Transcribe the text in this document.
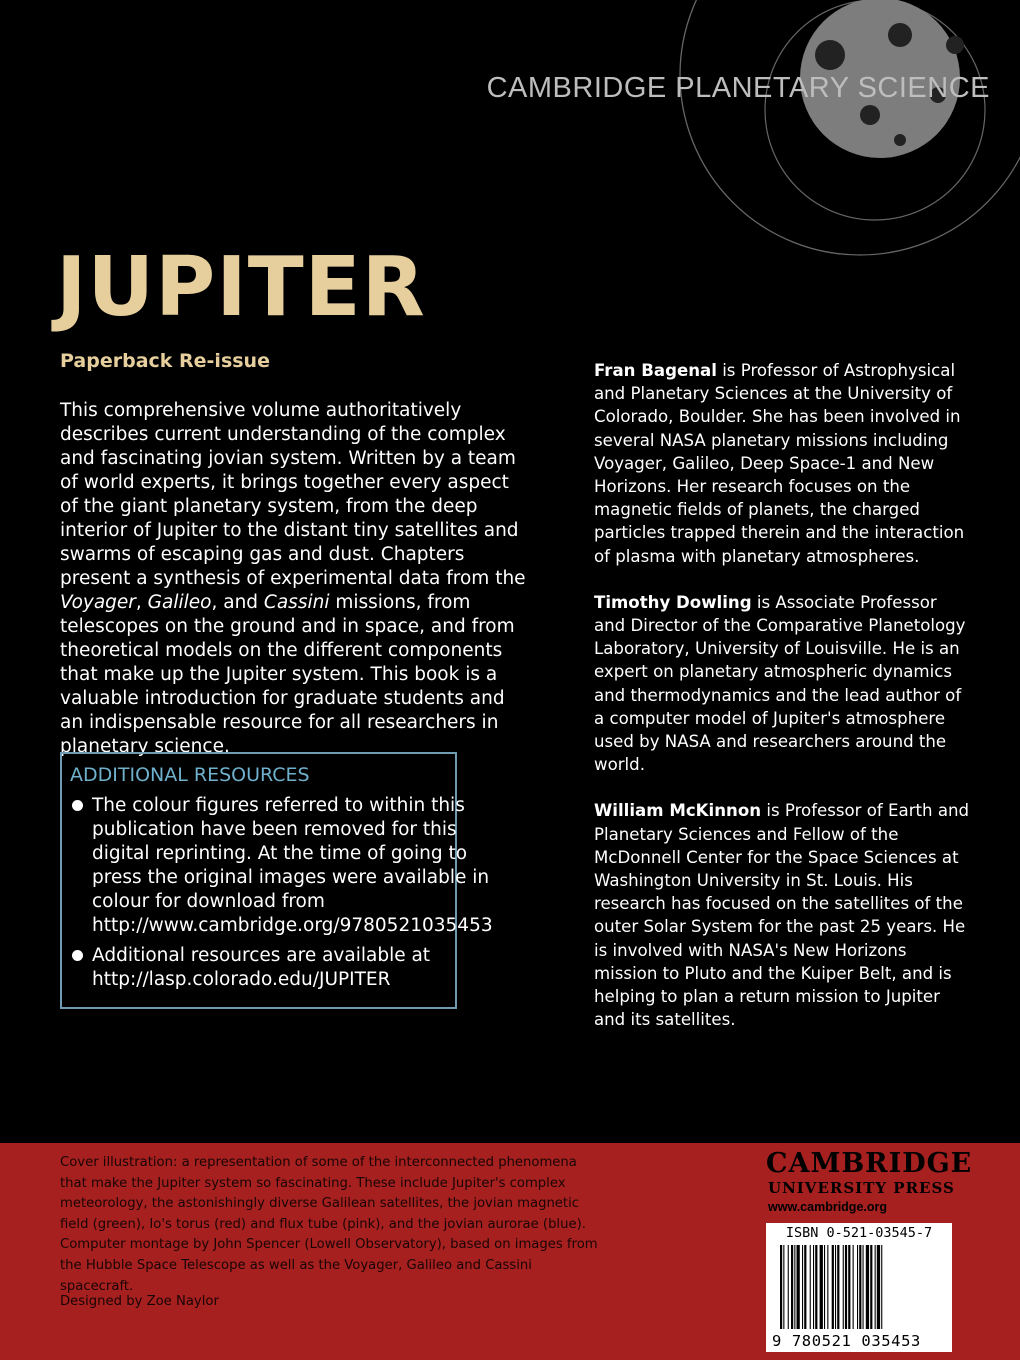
CAMBRIDGE PLANETARY SCIENCE
JUPITER
Paperback Re-issue
This comprehensive volume authoritatively describes current understanding of the complex and fascinating jovian system. Written by a team of world experts, it brings together every aspect of the giant planetary system, from the deep interior of Jupiter to the distant tiny satellites and swarms of escaping gas and dust. Chapters present a synthesis of experimental data from the Voyager, Galileo, and Cassini missions, from telescopes on the ground and in space, and from theoretical models on the different components that make up the Jupiter system. This book is a valuable introduction for graduate students and an indispensable resource for all researchers in planetary science.
ADDITIONAL RESOURCES
The colour figures referred to within this publication have been removed for this digital reprinting. At the time of going to press the original images were available in colour for download from http://www.cambridge.org/9780521035453
Additional resources are available at http://lasp.colorado.edu/JUPITER

Fran Bagenal is Professor of Astrophysical and Planetary Sciences at the University of Colorado, Boulder. She has been involved in several NASA planetary missions including Voyager, Galileo, Deep Space-1 and New Horizons. Her research focuses on the magnetic fields of planets, the charged particles trapped therein and the interaction of plasma with planetary atmospheres.

Timothy Dowling is Associate Professor and Director of the Comparative Planetology Laboratory, University of Louisville. He is an expert on planetary atmospheric dynamics and thermodynamics and the lead author of a computer model of Jupiter's atmosphere used by NASA and researchers around the world.

William McKinnon is Professor of Earth and Planetary Sciences and Fellow of the McDonnell Center for the Space Sciences at Washington University in St. Louis. His research has focused on the satellites of the outer Solar System for the past 25 years. He is involved with NASA's New Horizons mission to Pluto and the Kuiper Belt, and is helping to plan a return mission to Jupiter and its satellites.

Cover illustration: a representation of some of the interconnected phenomena that make the Jupiter system so fascinating. These include Jupiter's complex meteorology, the astonishingly diverse Galilean satellites, the jovian magnetic field (green), Io's torus (red) and flux tube (pink), and the jovian aurorae (blue). Computer montage by John Spencer (Lowell Observatory), based on images from the Hubble Space Telescope as well as the Voyager, Galileo and Cassini spacecraft.
Designed by Zoe Naylor
CAMBRIDGE
UNIVERSITY PRESS
www.cambridge.org
ISBN 0-521-03545-7
9 780521 035453
